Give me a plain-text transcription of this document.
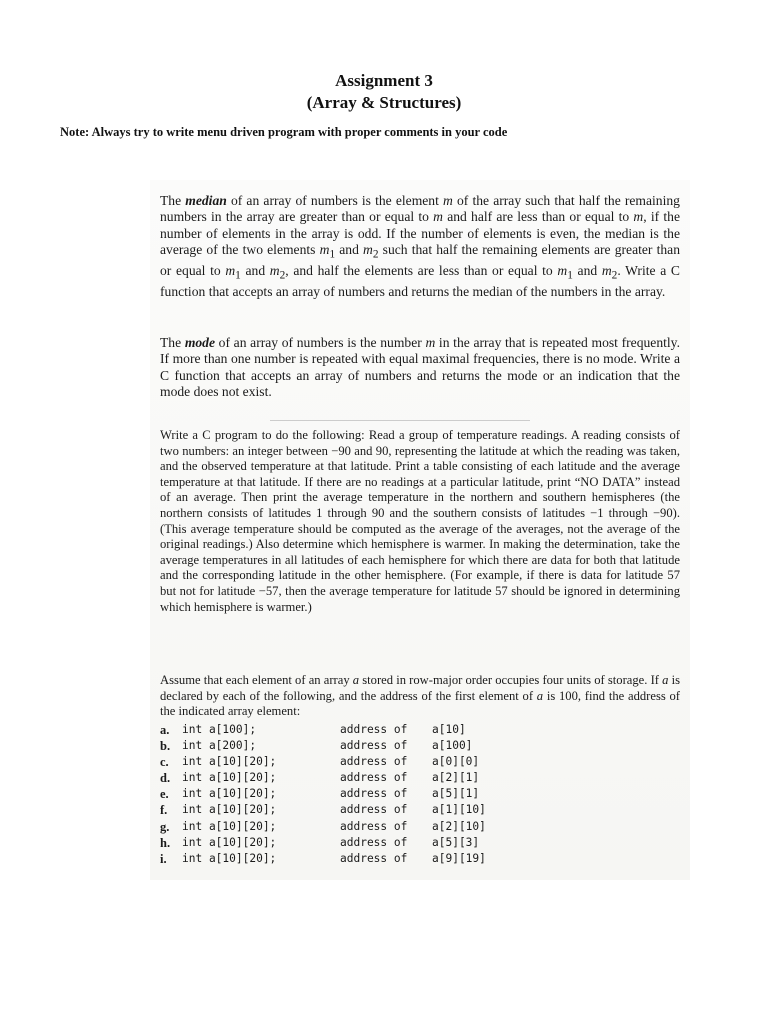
Assignment 3
(Array & Structures)
Note: Always try to write menu driven program with proper comments in your code
The median of an array of numbers is the element m of the array such that half the remaining numbers in the array are greater than or equal to m and half are less than or equal to m, if the number of elements in the array is odd. If the number of elements is even, the median is the average of the two elements $m_1$ and $m_2$ such that half the remaining elements are greater than or equal to $m_1$ and $m_2$, and half the elements are less than or equal to $m_1$ and $m_2$. Write a C function that accepts an array of numbers and returns the median of the numbers in the array.
The mode of an array of numbers is the number m in the array that is repeated most frequently. If more than one number is repeated with equal maximal frequencies, there is no mode. Write a C function that accepts an array of numbers and returns the mode or an indication that the mode does not exist.
Write a C program to do the following: Read a group of temperature readings. A reading consists of two numbers: an integer between −90 and 90, representing the latitude at which the reading was taken, and the observed temperature at that latitude. Print a table consisting of each latitude and the average temperature at that latitude. If there are no readings at a particular latitude, print “NO DATA” instead of an average. Then print the average temperature in the northern and southern hemispheres (the northern consists of latitudes 1 through 90 and the southern consists of latitudes −1 through −90). (This average temperature should be computed as the average of the averages, not the average of the original readings.) Also determine which hemisphere is warmer. In making the determination, take the average temperatures in all latitudes of each hemisphere for which there are data for both that latitude and the corresponding latitude in the other hemisphere. (For example, if there is data for latitude 57 but not for latitude −57, then the average temperature for latitude 57 should be ignored in determining which hemisphere is warmer.)
Assume that each element of an array a stored in row-major order occupies four units of storage. If a is declared by each of the following, and the address of the first element of a is 100, find the address of the indicated array element:
a. int a[100];	address of a[10]
b. int a[200];	address of a[100]
c. int a[10][20];	address of a[0][0]
d. int a[10][20];	address of a[2][1]
e. int a[10][20];	address of a[5][1]
f. int a[10][20];	address of a[1][10]
g. int a[10][20];	address of a[2][10]
h. int a[10][20];	address of a[5][3]
i. int a[10][20];	address of a[9][19]
